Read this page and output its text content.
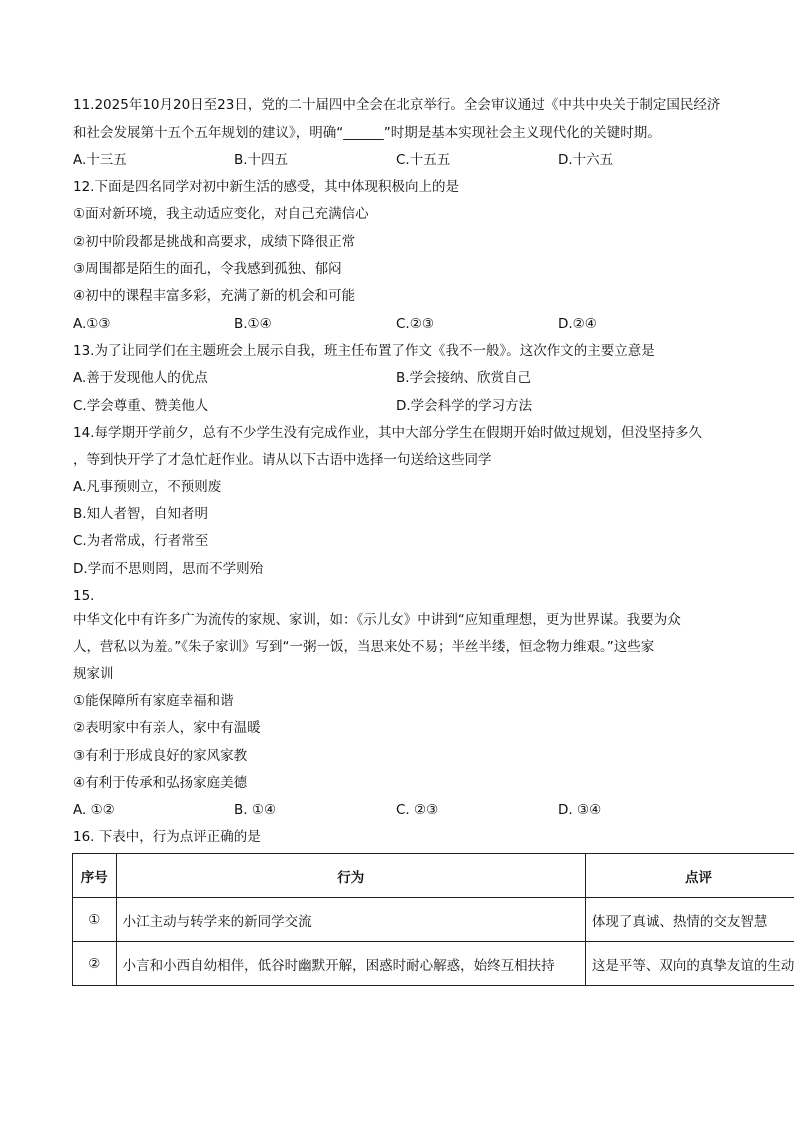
11.2025年10月20日至23日，党的二十届四中全会在北京举行。全会审议通过《中共中央关于制定国民经济
和社会发展第十五个五年规划的建议》，明确“______”时期是基本实现社会主义现代化的关键时期。
A.十三五	B.十四五	C.十五五	D.十六五
12.下面是四名同学对初中新生活的感受，其中体现积极向上的是
①面对新环境，我主动适应变化，对自己充满信心
②初中阶段都是挑战和高要求，成绩下降很正常
③周围都是陌生的面孔，令我感到孤独、郁闷
④初中的课程丰富多彩，充满了新的机会和可能
A.①③	B.①④	C.②③	D.②④
13.为了让同学们在主题班会上展示自我，班主任布置了作文《我不一般》。这次作文的主要立意是
A.善于发现他人的优点	B.学会接纳、欣赏自己
C.学会尊重、赞美他人	D.学会科学的学习方法
14.每学期开学前夕，总有不少学生没有完成作业，其中大部分学生在假期开始时做过规划，但没坚持多久
，等到快开学了才急忙赶作业。请从以下古语中选择一句送给这些同学
A.凡事预则立，不预则废
B.知人者智，自知者明
C.为者常成，行者常至
D.学而不思则罔，思而不学则殆
15.
中华文化中有许多广为流传的家规、家训，如：《示儿女》中讲到“应知重理想，更为世界谋。我要为众
人，营私以为羞。”《朱子家训》写到“一粥一饭，当思来处不易；半丝半缕，恒念物力维艰。”这些家
规家训
①能保障所有家庭幸福和谐
②表明家中有亲人，家中有温暖
③有利于形成良好的家风家教
④有利于传承和弘扬家庭美德
A. ①②	B. ①④	C. ②③	D. ③④
16. 下表中，行为点评正确的是
序号	行为	点评
①	小江主动与转学来的新同学交流	体现了真诚、热情的交友智慧
②	小言和小西自幼相伴，低谷时幽默开解，困惑时耐心解惑，始终互相扶持	这是平等、双向的真挚友谊的生动
